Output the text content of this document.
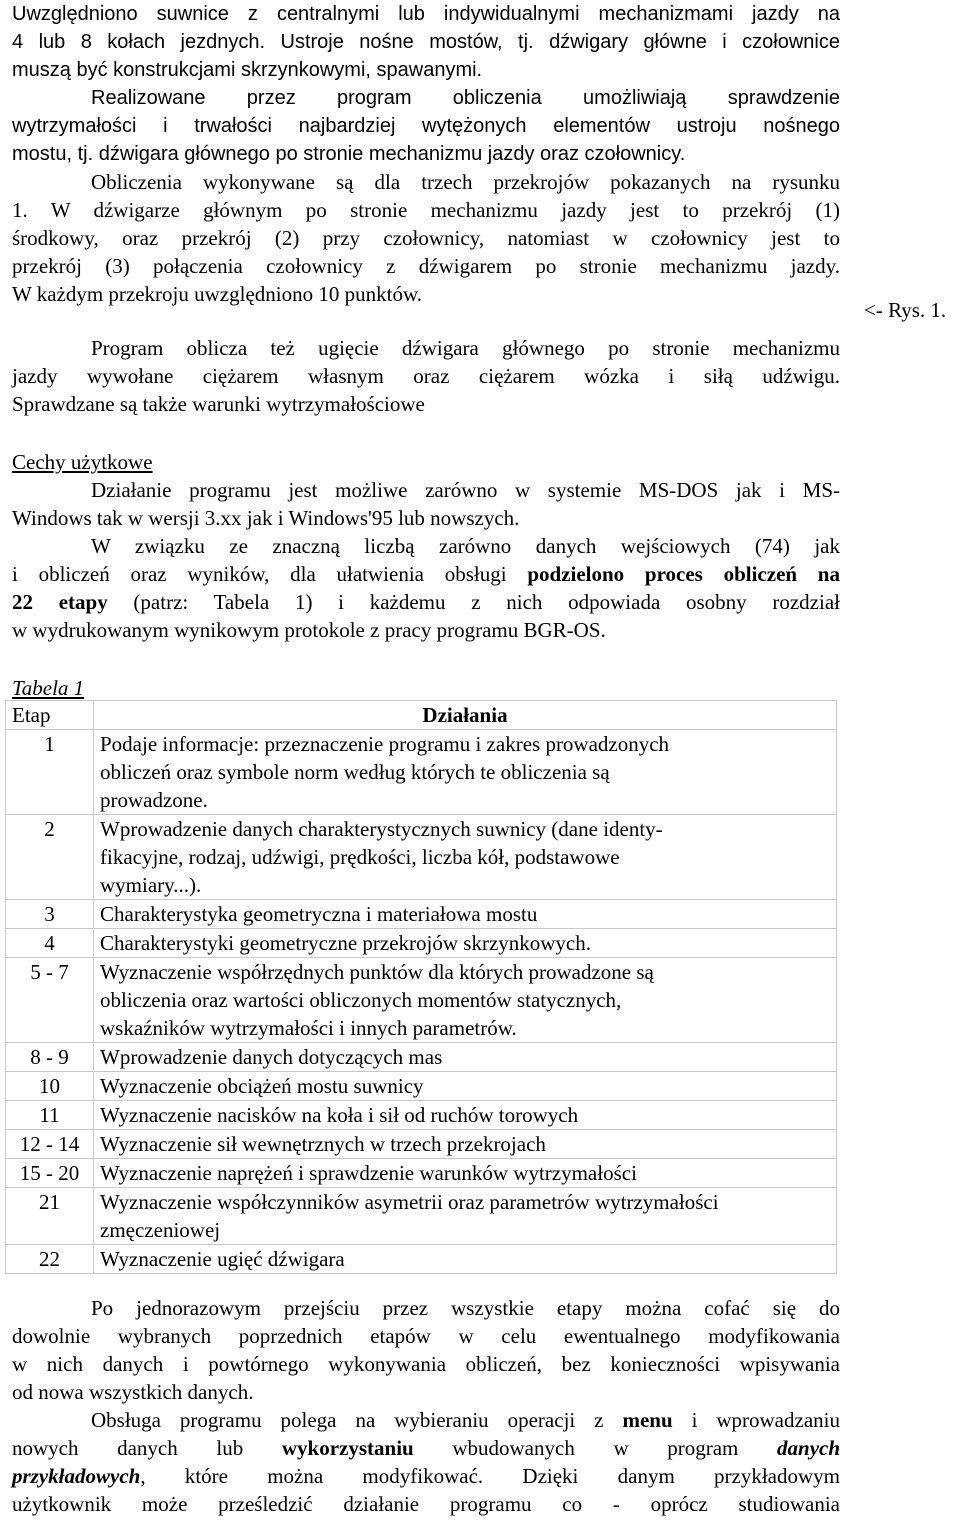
Uwzględniono suwnice z centralnymi lub indywidualnymi mechanizmami jazdy na
4 lub 8 kołach jezdnych. Ustroje nośne mostów, tj. dźwigary główne i czołownice
muszą być konstrukcjami skrzynkowymi, spawanymi.
Realizowane przez program obliczenia umożliwiają sprawdzenie
wytrzymałości i trwałości najbardziej wytężonych elementów ustroju nośnego
mostu, tj. dźwigara głównego po stronie mechanizmu jazdy oraz czołownicy.
Obliczenia wykonywane są dla trzech przekrojów pokazanych na rysunku
1. W dźwigarze głównym po stronie mechanizmu jazdy jest to przekrój (1)
środkowy, oraz przekrój (2) przy czołownicy, natomiast w czołownicy jest to
przekrój (3) połączenia czołownicy z dźwigarem po stronie mechanizmu jazdy.
W każdym przekroju uwzględniono 10 punktów.
<- Rys. 1.
Program oblicza też ugięcie dźwigara głównego po stronie mechanizmu
jazdy wywołane ciężarem własnym oraz ciężarem wózka i siłą udźwigu.
Sprawdzane są także warunki wytrzymałościowe
Cechy użytkowe
Działanie programu jest możliwe zarówno w systemie MS-DOS jak i MS-
Windows tak w wersji 3.xx jak i Windows'95 lub nowszych.
W związku ze znaczną liczbą zarówno danych wejściowych (74) jak
i obliczeń oraz wyników, dla ułatwienia obsługi podzielono proces obliczeń na
22 etapy (patrz: Tabela 1) i każdemu z nich odpowiada osobny rozdział
w wydrukowanym wynikowym protokole z pracy programu BGR-OS.
Tabela 1
Etap	Działania
1	Podaje informacje: przeznaczenie programu i zakres prowadzonych
obliczeń oraz symbole norm według których te obliczenia są
prowadzone.
2	Wprowadzenie danych charakterystycznych suwnicy (dane identy-
fikacyjne, rodzaj, udźwigi, prędkości, liczba kół, podstawowe
wymiary...).
3	Charakterystyka geometryczna i materiałowa mostu
4	Charakterystyki geometryczne przekrojów skrzynkowych.
5 - 7	Wyznaczenie współrzędnych punktów dla których prowadzone są
obliczenia oraz wartości obliczonych momentów statycznych,
wskaźników wytrzymałości i innych parametrów.
8 - 9	Wprowadzenie danych dotyczących mas
10	Wyznaczenie obciążeń mostu suwnicy
11	Wyznaczenie nacisków na koła i sił od ruchów torowych
12 - 14	Wyznaczenie sił wewnętrznych w trzech przekrojach
15 - 20	Wyznaczenie naprężeń i sprawdzenie warunków wytrzymałości
21	Wyznaczenie współczynników asymetrii oraz parametrów wytrzymałości
zmęczeniowej
22	Wyznaczenie ugięć dźwigara
Po jednorazowym przejściu przez wszystkie etapy można cofać się do
dowolnie wybranych poprzednich etapów w celu ewentualnego modyfikowania
w nich danych i powtórnego wykonywania obliczeń, bez konieczności wpisywania
od nowa wszystkich danych.
Obsługa programu polega na wybieraniu operacji z menu i wprowadzaniu
nowych danych lub wykorzystaniu wbudowanych w program danych
przykładowych, które można modyfikować. Dzięki danym przykładowym
użytkownik może prześledzić działanie programu co - oprócz studiowania
